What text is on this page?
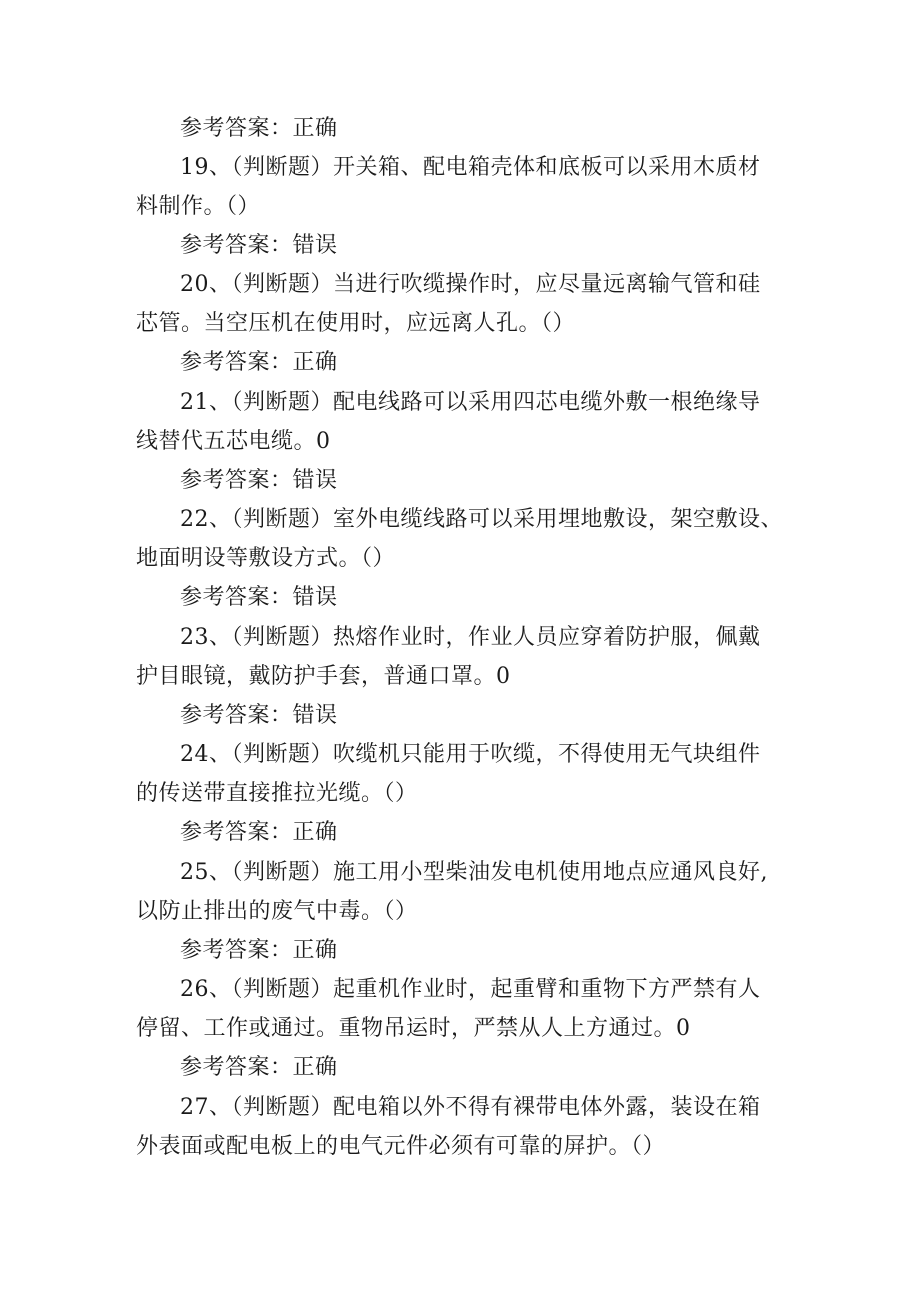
参考答案：正确
19、（判断题）开关箱、配电箱壳体和底板可以采用木质材
料制作。（）
参考答案：错误
20、（判断题）当进行吹缆操作时，应尽量远离输气管和硅
芯管。当空压机在使用时，应远离人孔。（）
参考答案：正确
21、（判断题）配电线路可以采用四芯电缆外敷一根绝缘导
线替代五芯电缆。0
参考答案：错误
22、（判断题）室外电缆线路可以采用埋地敷设，架空敷设、
地面明设等敷设方式。（）
参考答案：错误
23、（判断题）热熔作业时，作业人员应穿着防护服，佩戴
护目眼镜，戴防护手套，普通口罩。0
参考答案：错误
24、（判断题）吹缆机只能用于吹缆，不得使用无气块组件
的传送带直接推拉光缆。（）
参考答案：正确
25、（判断题）施工用小型柴油发电机使用地点应通风良好,
以防止排出的废气中毒。（）
参考答案：正确
26、（判断题）起重机作业时，起重臂和重物下方严禁有人
停留、工作或通过。重物吊运时，严禁从人上方通过。0
参考答案：正确
27、（判断题）配电箱以外不得有裸带电体外露，装设在箱
外表面或配电板上的电气元件必须有可靠的屏护。（）
